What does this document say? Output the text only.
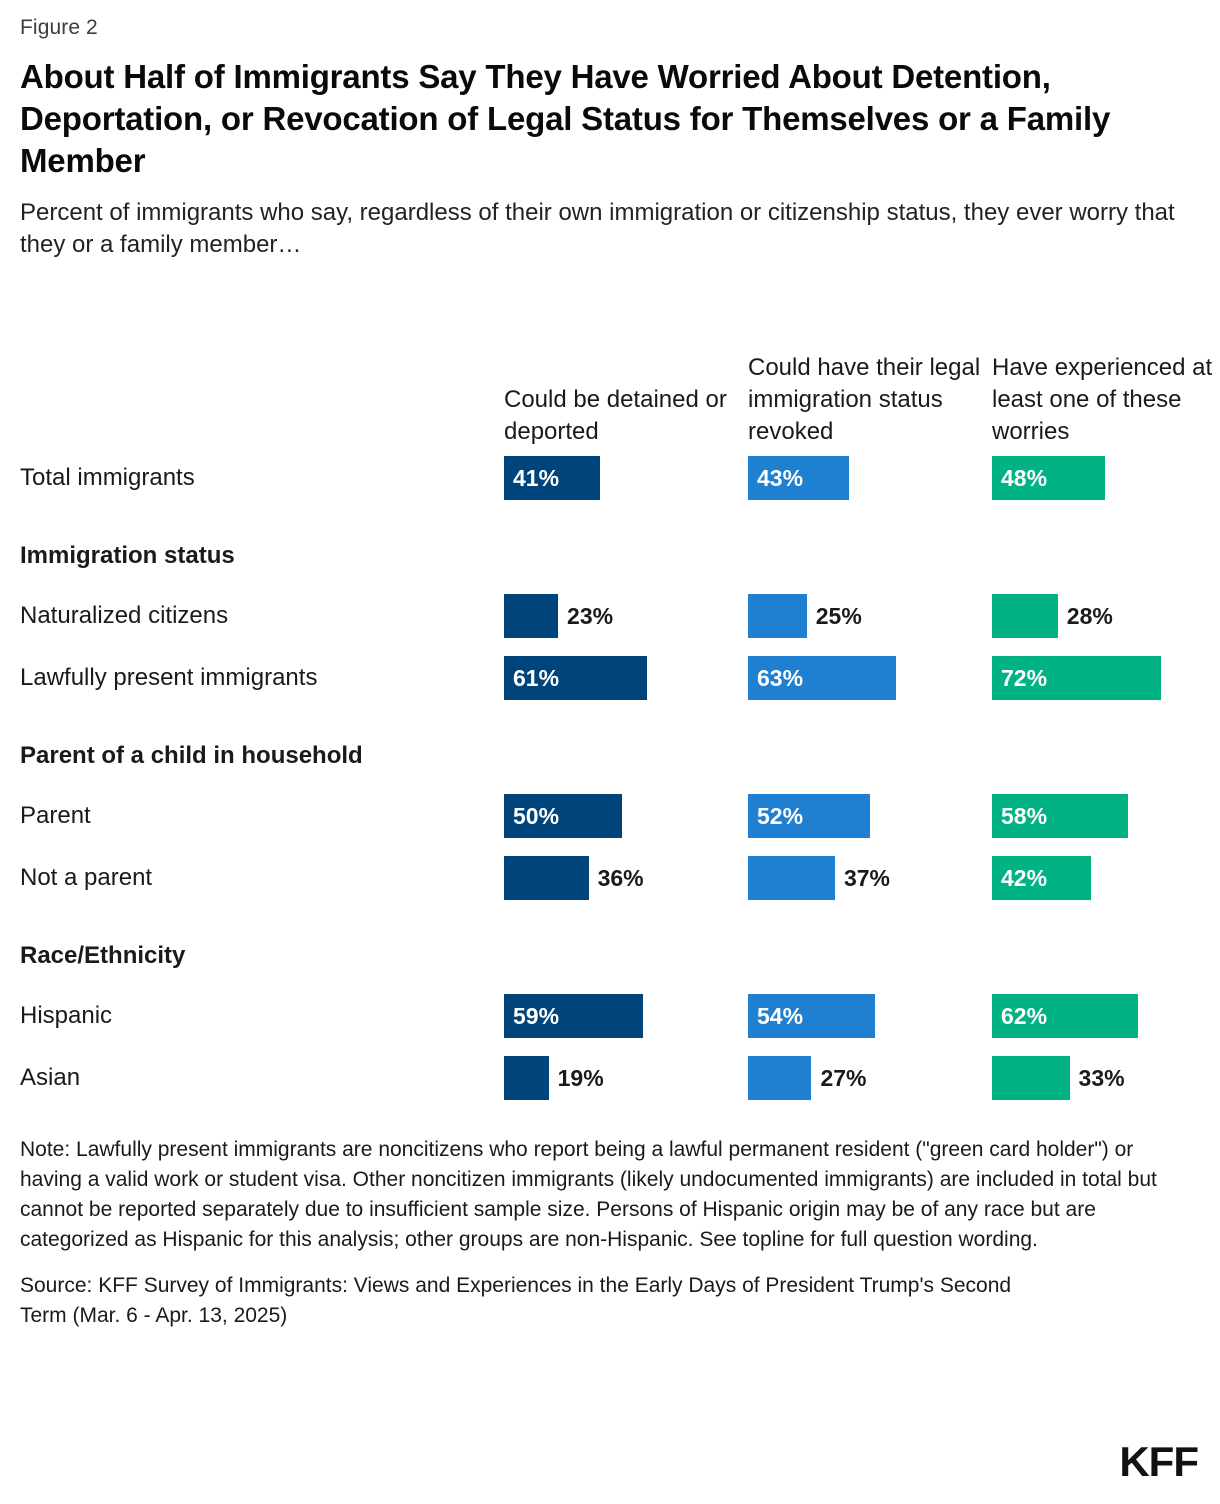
Figure 2
About Half of Immigrants Say They Have Worried About Detention, Deportation, or Revocation of Legal Status for Themselves or a Family Member
Percent of immigrants who say, regardless of their own immigration or citizenship status, they ever worry that they or a family member…
Could be detained or deported
Could have their legal immigration status revoked
Have experienced at least one of these worries
Total immigrants	41%	43%	48%
Immigration status
Naturalized citizens	23%	25%	28%
Lawfully present immigrants	61%	63%	72%
Parent of a child in household
Parent	50%	52%	58%
Not a parent	36%	37%	42%
Race/Ethnicity
Hispanic	59%	54%	62%
Asian	19%	27%	33%
Note: Lawfully present immigrants are noncitizens who report being a lawful permanent resident ("green card holder") or having a valid work or student visa. Other noncitizen immigrants (likely undocumented immigrants) are included in total but cannot be reported separately due to insufficient sample size. Persons of Hispanic origin may be of any race but are categorized as Hispanic for this analysis; other groups are non-Hispanic. See topline for full question wording.
Source: KFF Survey of Immigrants: Views and Experiences in the Early Days of President Trump's Second Term (Mar. 6 - Apr. 13, 2025)
KFF
